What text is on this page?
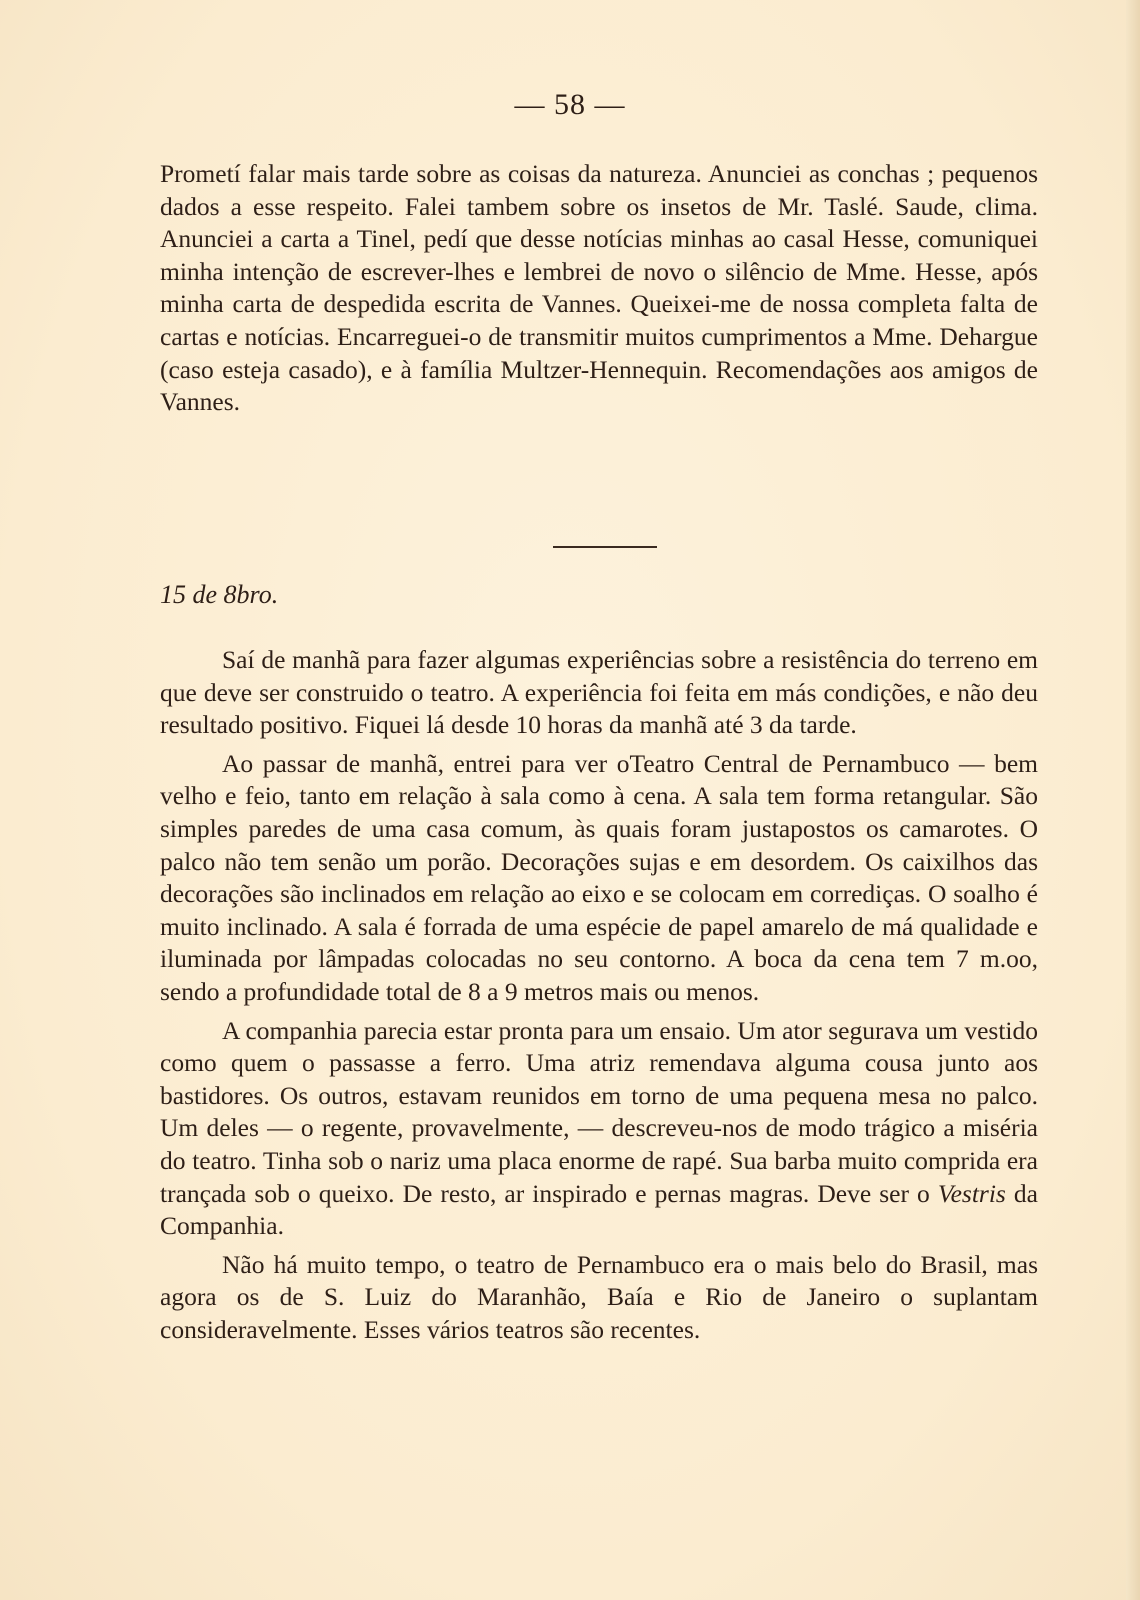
— 58 —

Prometí falar mais tarde sobre as coisas da natureza. Anunciei as conchas ; pequenos dados a esse respeito. Falei tambem sobre os insetos de Mr. Taslé. Saude, clima. Anunciei a carta a Tinel, pedí que desse notícias minhas ao casal Hesse, comuniquei minha intenção de escrever-lhes e lembrei de novo o silêncio de Mme. Hesse, após minha carta de despedida escrita de Vannes. Queixei-me de nossa completa falta de cartas e notícias. Encarreguei-o de transmitir muitos cumprimentos a Mme. Dehargue (caso esteja casado), e à família Multzer-Hennequin. Recomendações aos amigos de Vannes.

15 de 8bro.

Saí de manhã para fazer algumas experiências sobre a resistência do terreno em que deve ser construido o teatro. A experiência foi feita em más condições, e não deu resultado positivo. Fiquei lá desde 10 horas da manhã até 3 da tarde.

Ao passar de manhã, entrei para ver oTeatro Central de Pernambuco — bem velho e feio, tanto em relação à sala como à cena. A sala tem forma retangular. São simples paredes de uma casa comum, às quais foram justapostos os camarotes. O palco não tem senão um porão. Decorações sujas e em desordem. Os caixilhos das decorações são inclinados em relação ao eixo e se colocam em corrediças. O soalho é muito inclinado. A sala é forrada de uma espécie de papel amarelo de má qualidade e iluminada por lâmpadas colocadas no seu contorno. A boca da cena tem 7 m.oo, sendo a profundidade total de 8 a 9 metros mais ou menos.

A companhia parecia estar pronta para um ensaio. Um ator segurava um vestido como quem o passasse a ferro. Uma atriz remendava alguma cousa junto aos bastidores. Os outros, estavam reunidos em torno de uma pequena mesa no palco. Um deles — o regente, provavelmente, — descreveu-nos de modo trágico a miséria do teatro. Tinha sob o nariz uma placa enorme de rapé. Sua barba muito comprida era trançada sob o queixo. De resto, ar inspirado e pernas magras. Deve ser o Vestris da Companhia.

Não há muito tempo, o teatro de Pernambuco era o mais belo do Brasil, mas agora os de S. Luiz do Maranhão, Baía e Rio de Janeiro o suplantam consideravelmente. Esses vários teatros são recentes.
